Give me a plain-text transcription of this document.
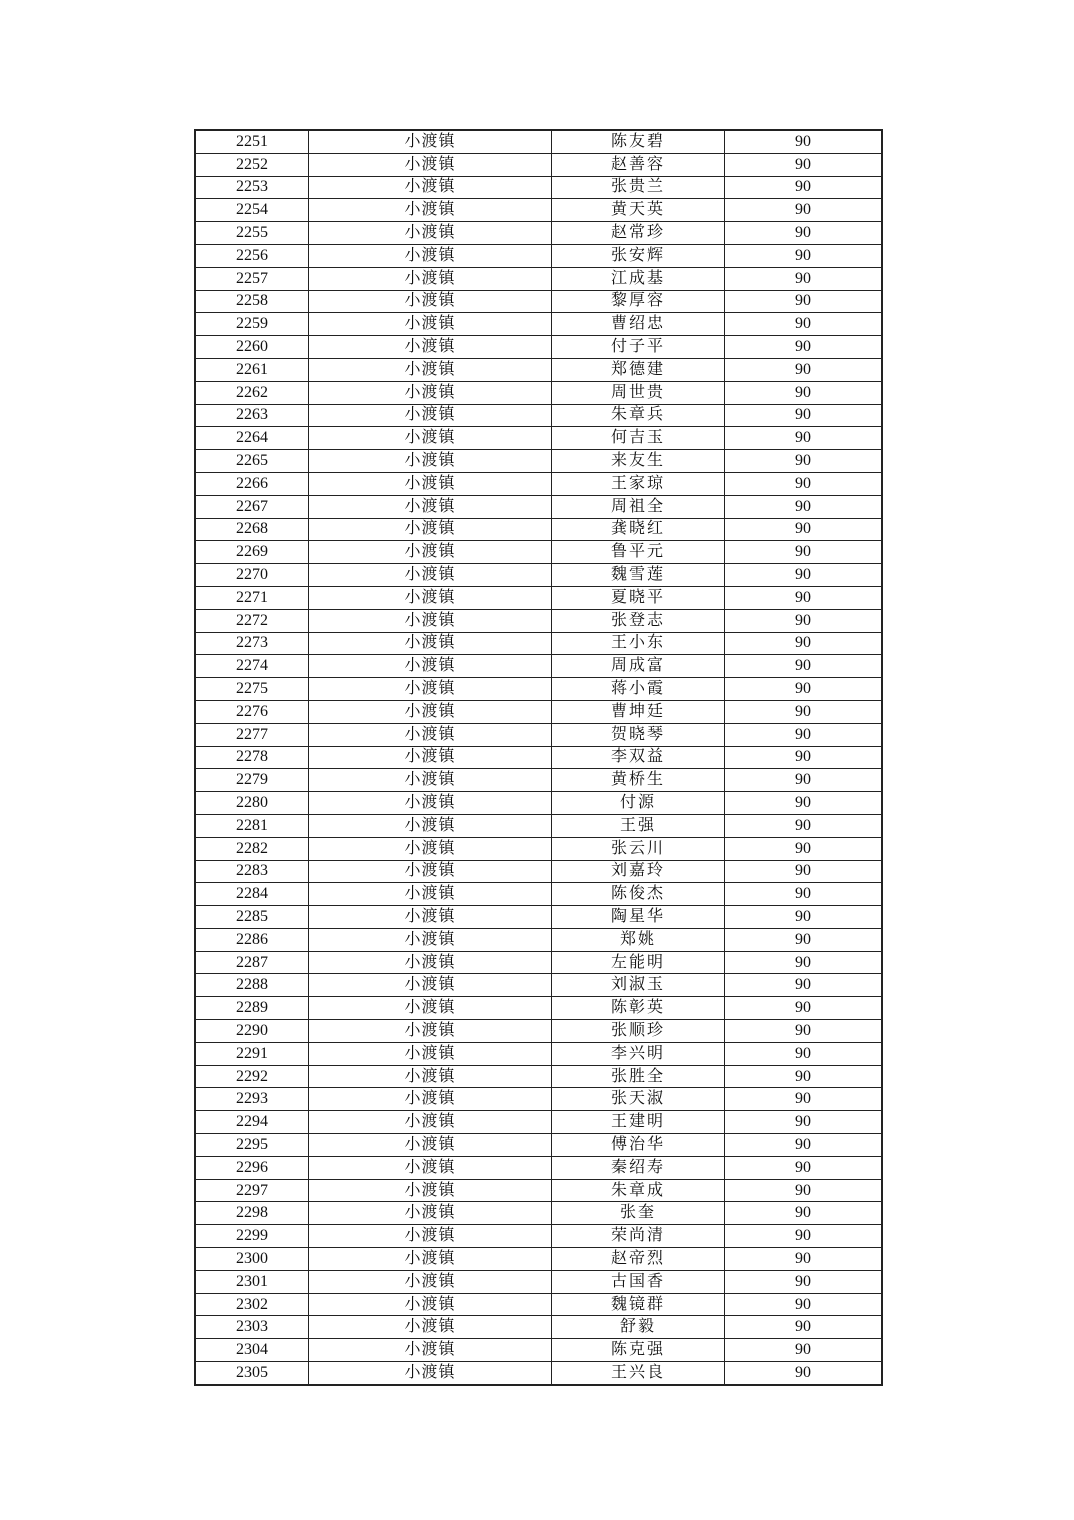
2251	小渡镇	陈友碧	90
2252	小渡镇	赵善容	90
2253	小渡镇	张贵兰	90
2254	小渡镇	黄天英	90
2255	小渡镇	赵常珍	90
2256	小渡镇	张安辉	90
2257	小渡镇	江成基	90
2258	小渡镇	黎厚容	90
2259	小渡镇	曹绍忠	90
2260	小渡镇	付子平	90
2261	小渡镇	郑德建	90
2262	小渡镇	周世贵	90
2263	小渡镇	朱章兵	90
2264	小渡镇	何吉玉	90
2265	小渡镇	来友生	90
2266	小渡镇	王家琼	90
2267	小渡镇	周祖全	90
2268	小渡镇	龚晓红	90
2269	小渡镇	鲁平元	90
2270	小渡镇	魏雪莲	90
2271	小渡镇	夏晓平	90
2272	小渡镇	张登志	90
2273	小渡镇	王小东	90
2274	小渡镇	周成富	90
2275	小渡镇	蒋小霞	90
2276	小渡镇	曹坤廷	90
2277	小渡镇	贺晓琴	90
2278	小渡镇	李双益	90
2279	小渡镇	黄桥生	90
2280	小渡镇	付源	90
2281	小渡镇	王强	90
2282	小渡镇	张云川	90
2283	小渡镇	刘嘉玲	90
2284	小渡镇	陈俊杰	90
2285	小渡镇	陶星华	90
2286	小渡镇	郑姚	90
2287	小渡镇	左能明	90
2288	小渡镇	刘淑玉	90
2289	小渡镇	陈彰英	90
2290	小渡镇	张顺珍	90
2291	小渡镇	李兴明	90
2292	小渡镇	张胜全	90
2293	小渡镇	张天淑	90
2294	小渡镇	王建明	90
2295	小渡镇	傅治华	90
2296	小渡镇	秦绍寿	90
2297	小渡镇	朱章成	90
2298	小渡镇	张奎	90
2299	小渡镇	荣尚清	90
2300	小渡镇	赵帝烈	90
2301	小渡镇	古国香	90
2302	小渡镇	魏镜群	90
2303	小渡镇	舒毅	90
2304	小渡镇	陈克强	90
2305	小渡镇	王兴良	90
